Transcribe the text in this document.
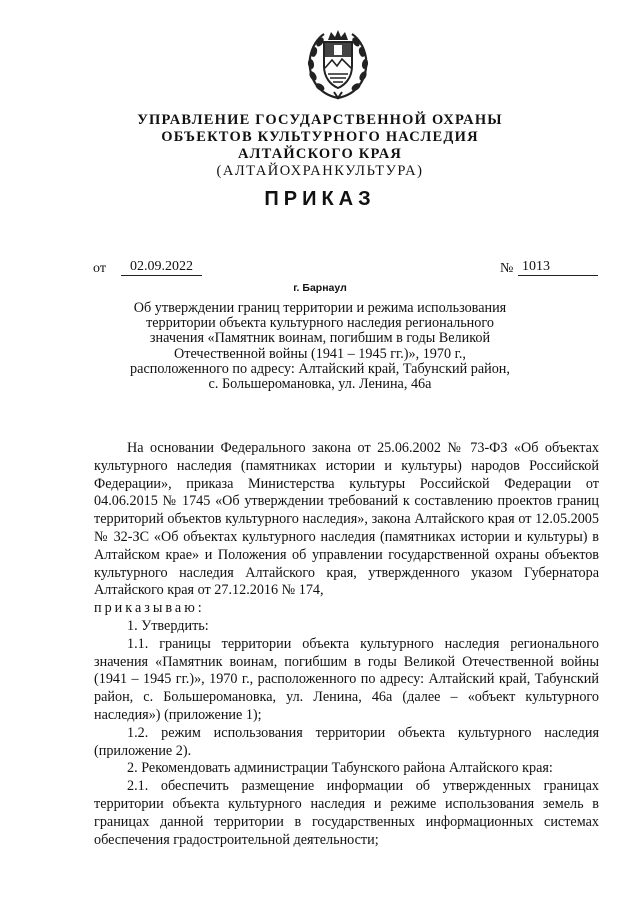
УПРАВЛЕНИЕ ГОСУДАРСТВЕННОЙ ОХРАНЫ
ОБЪЕКТОВ КУЛЬТУРНОГО НАСЛЕДИЯ
АЛТАЙСКОГО КРАЯ
(АЛТАЙОХРАНКУЛЬТУРА)
ПРИКАЗ
от	02.09.2022	№ 1013
г. Барнаул
Об утверждении границ территории и режима использования
территории объекта культурного наследия регионального
значения «Памятник воинам, погибшим в годы Великой
Отечественной войны (1941 – 1945 гг.)», 1970 г.,
расположенного по адресу: Алтайский край, Табунский район,
с. Большеромановка, ул. Ленина, 46а
На основании Федерального закона от 25.06.2002 № 73-ФЗ «Об объектах культурного наследия (памятниках истории и культуры) народов Российской Федерации», приказа Министерства культуры Российской Федерации от 04.06.2015 № 1745 «Об утверждении требований к составлению проектов границ территорий объектов культурного наследия», закона Алтайского края от 12.05.2005 № 32-ЗС «Об объектах культурного наследия (памятниках истории и культуры) в Алтайском крае» и Положения об управлении государственной охраны объектов культурного наследия Алтайского края, утвержденного указом Губернатора Алтайского края от 27.12.2016 № 174,
приказываю:
1. Утвердить:
1.1. границы территории объекта культурного наследия регионального значения «Памятник воинам, погибшим в годы Великой Отечественной войны (1941 – 1945 гг.)», 1970 г., расположенного по адресу: Алтайский край, Табунский район, с. Большеромановка, ул. Ленина, 46а (далее – «объект культурного наследия») (приложение 1);
1.2. режим использования территории объекта культурного наследия (приложение 2).
2. Рекомендовать администрации Табунского района Алтайского края:
2.1. обеспечить размещение информации об утвержденных границах территории объекта культурного наследия и режиме использования земель в границах данной территории в государственных информационных системах обеспечения градостроительной деятельности;
